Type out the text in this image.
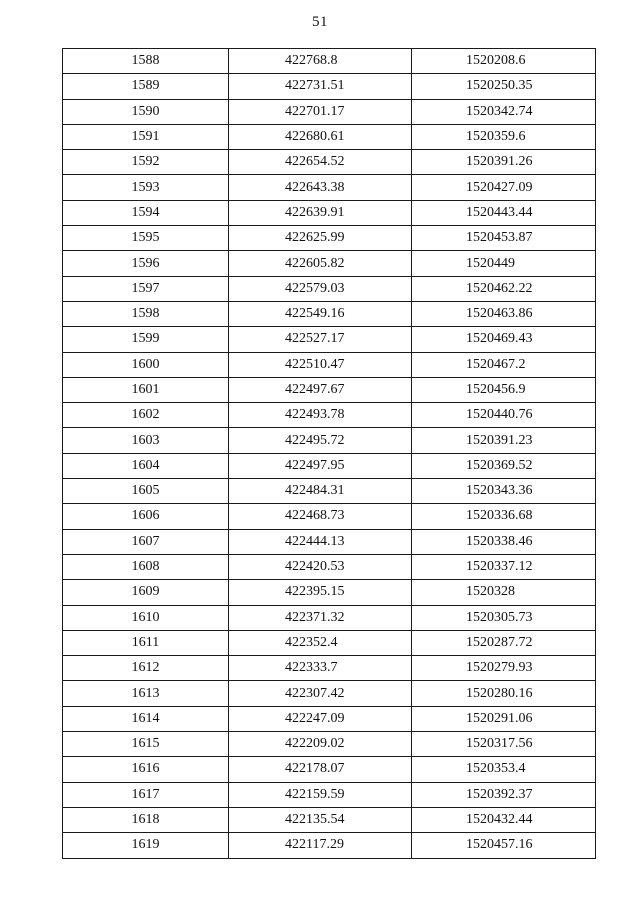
51
1588	422768.8	1520208.6
1589	422731.51	1520250.35
1590	422701.17	1520342.74
1591	422680.61	1520359.6
1592	422654.52	1520391.26
1593	422643.38	1520427.09
1594	422639.91	1520443.44
1595	422625.99	1520453.87
1596	422605.82	1520449
1597	422579.03	1520462.22
1598	422549.16	1520463.86
1599	422527.17	1520469.43
1600	422510.47	1520467.2
1601	422497.67	1520456.9
1602	422493.78	1520440.76
1603	422495.72	1520391.23
1604	422497.95	1520369.52
1605	422484.31	1520343.36
1606	422468.73	1520336.68
1607	422444.13	1520338.46
1608	422420.53	1520337.12
1609	422395.15	1520328
1610	422371.32	1520305.73
1611	422352.4	1520287.72
1612	422333.7	1520279.93
1613	422307.42	1520280.16
1614	422247.09	1520291.06
1615	422209.02	1520317.56
1616	422178.07	1520353.4
1617	422159.59	1520392.37
1618	422135.54	1520432.44
1619	422117.29	1520457.16
